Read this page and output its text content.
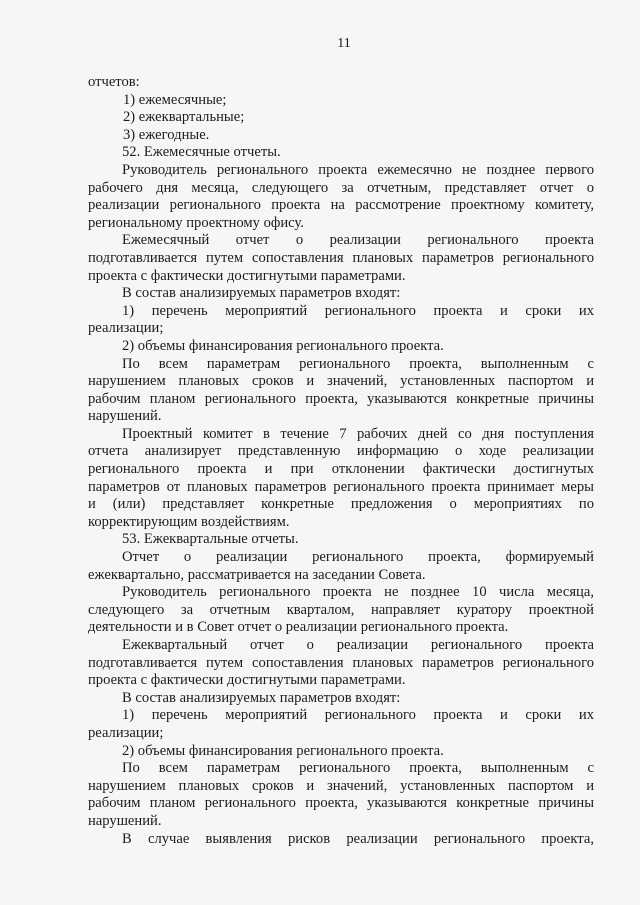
11
отчетов:
1) ежемесячные;
2) ежеквартальные;
3) ежегодные.
52. Ежемесячные отчеты.
Руководитель регионального проекта ежемесячно не позднее первого
рабочего дня месяца, следующего за отчетным, представляет отчет о
реализации регионального проекта на рассмотрение проектному комитету,
региональному проектному офису.
Ежемесячный отчет о реализации регионального проекта
подготавливается путем сопоставления плановых параметров регионального
проекта с фактически достигнутыми параметрами.
В состав анализируемых параметров входят:
1) перечень мероприятий регионального проекта и сроки их
реализации;
2) объемы финансирования регионального проекта.
По всем параметрам регионального проекта, выполненным с
нарушением плановых сроков и значений, установленных паспортом и
рабочим планом регионального проекта, указываются конкретные причины
нарушений.
Проектный комитет в течение 7 рабочих дней со дня поступления
отчета анализирует представленную информацию о ходе реализации
регионального проекта и при отклонении фактически достигнутых
параметров от плановых параметров регионального проекта принимает меры
и (или) представляет конкретные предложения о мероприятиях по
корректирующим воздействиям.
53. Ежеквартальные отчеты.
Отчет о реализации регионального проекта, формируемый
ежеквартально, рассматривается на заседании Совета.
Руководитель регионального проекта не позднее 10 числа месяца,
следующего за отчетным кварталом, направляет куратору проектной
деятельности и в Совет отчет о реализации регионального проекта.
Ежеквартальный отчет о реализации регионального проекта
подготавливается путем сопоставления плановых параметров регионального
проекта с фактически достигнутыми параметрами.
В состав анализируемых параметров входят:
1) перечень мероприятий регионального проекта и сроки их
реализации;
2) объемы финансирования регионального проекта.
По всем параметрам регионального проекта, выполненным с
нарушением плановых сроков и значений, установленных паспортом и
рабочим планом регионального проекта, указываются конкретные причины
нарушений.
В случае выявления рисков реализации регионального проекта,
